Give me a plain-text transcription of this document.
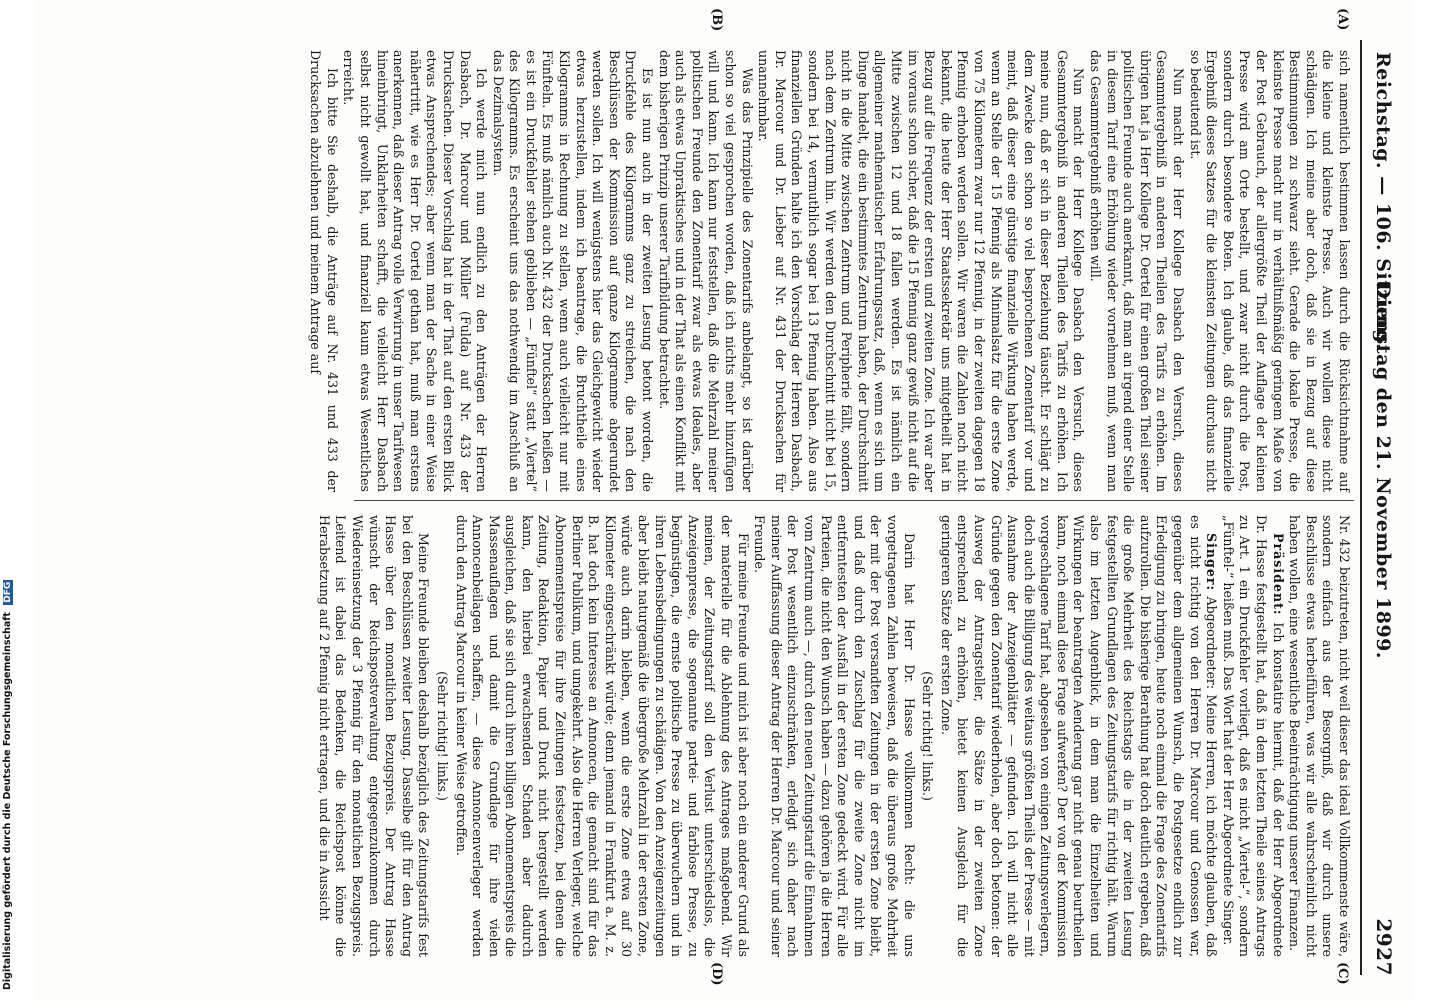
Reichstag. — 106. Sitzung.
Dienstag den 21. November 1899.
2927
(A)
(B)
(C)
(D)

sich namentlich bestimmen lassen durch die Rücksichtnahme auf die kleine und kleinste Presse. Auch wir wollen diese nicht schädigen. Ich meine aber doch, daß sie in Bezug auf diese Bestimmungen zu schwarz sieht. Gerade die lokale Presse, die kleinste Presse macht nur in verhältnißmäßig geringem Maße von der Post Gebrauch, der allergrößte Theil der Auflage der kleinen Presse wird am Orte bestellt, und zwar nicht durch die Post, sondern durch besondere Boten. Ich glaube, daß das finanzielle Ergebniß dieses Satzes für die kleinsten Zeitungen durchaus nicht so bedeutend ist.

Nun macht der Herr Kollege Dasbach den Versuch, dieses Gesammtergebniß in anderen Theilen des Tarifs zu erhöhen. Im übrigen hat ja Herr Kollege Dr. Oertel für einen großen Theil seiner politischen Freunde auch anerkannt, daß man an irgend einer Stelle in diesem Tarif eine Erhöhung wieder vornehmen muß, wenn man das Gesammtergebniß erhöhen will.

Nun macht der Herr Kollege Dasbach den Versuch, dieses Gesammtergebniß in anderen Theilen des Tarifs zu erhöhen. Ich meine nun, daß er sich in dieser Beziehung täuscht. Er schlägt zu dem Zwecke den schon so viel besprochenen Zonentarif vor und meint, daß dieser eine günstige finanzielle Wirkung haben werde, wenn an Stelle der 15 Pfennig als Minimalsatz für die erste Zone von 75 Kilometern zwar nur 12 Pfennig, in der zweiten dagegen 18 Pfennig erhoben werden sollen. Wir waren die Zahlen noch nicht bekannt, die heute der Herr Staatssekretär uns mitgetheilt hat in Bezug auf die Frequenz der ersten und zweiten Zone. Ich war aber im voraus schon sicher, daß die 15 Pfennig ganz gewiß nicht auf die Mitte zwischen 12 und 18 fallen werden. Es ist nämlich ein allgemeiner mathematischer Erfahrungssatz, daß, wenn es sich um Dinge handelt, die ein bestimmtes Zentrum haben, der Durchschnitt nicht in die Mitte zwischen Zentrum und Peripherie fällt, sondern nach dem Zentrum hin. Wir werden den Durchschnitt nicht bei 15, sondern bei 14, vermuthlich sogar bei 13 Pfennig haben. Also aus finanziellen Gründen halte ich den Vorschlag der Herren Dasbach, Dr. Marcour und Dr. Lieber auf Nr. 431 der Drucksachen für unannehmbar.

Was das Prinzipielle des Zonentarifs anbelangt, so ist darüber schon so viel gesprochen worden, daß ich nichts mehr hinzufügen will und kann. Ich kann nur feststellen, daß die Mehrzahl meiner politischen Freunde den Zonentarif zwar als etwas Ideales, aber auch als etwas Unpraktisches und in der That als einen Konflikt mit dem bisherigen Prinzip unserer Tarifbildung betrachtet.

Es ist nun auch in der zweiten Lesung betont worden, die Druckfehle des Kilogramms ganz zu streichen, die nach den Beschlüssen der Kommission auf ganze Kilogramme abgerundet werden sollen. Ich will wenigstens hier das Gleichgewicht wieder etwas herzustellen, indem ich beantrage, die Bruchtheile eines Kilogramms in Rechnung zu stellen, wenn auch vielleicht nur mit Fünfteln. Es muß nämlich auch Nr. 432 der Drucksachen heißen — es ist ein Druckfehler stehen geblieben — „Fünftel“ statt „Viertel“ des Kilogramms. Es erscheint uns das nothwendig im Anschluß an das Dezimalsystem.

Ich werde mich nun endlich zu den Anträgen der Herren Dasbach, Dr. Marcour und Müller (Fulda) auf Nr. 433 der Drucksachen. Dieser Vorschlag hat in der That auf den ersten Blick etwas Ansprechendes; aber wenn man der Sache in einer Weise nähertritt, wie es Herr Dr. Oertel gethan hat, muß man erstens anerkennen, daß dieser Antrag volle Verwirrung in unser Tarifwesen hineinbringt, Unklarheiten schafft, die vielleicht Herr Dasbach selbst nicht gewollt hat, und finanziell kaum etwas Wesentliches erreicht.

Ich bitte Sie deshalb, die Anträge auf Nr. 431 und 433 der Drucksachen abzulehnen und meinem Antrage auf

Nr. 432 beizutreten, nicht weil dieser das ideal Vollkommenste wäre, sondern einfach aus der Besorgniß, daß wir durch unsere Beschlüsse etwas herbeiführen, was wir alle wahrscheinlich nicht haben wollen, eine wesentliche Beeinträchtigung unserer Finanzen.

Präsident: Ich konstatire hiermit, daß der Herr Abgeordnete Dr. Hasse festgestellt hat, daß in dem letzten Theile seines Antrags zu Art. 1 ein Druckfehler vorliegt, daß es nicht „Viertel-“, sondern „Fünftel-“ heißen muß. Das Wort hat der Herr Abgeordnete Singer.

Singer: Abgeordneter: Meine Herren, ich möchte glauben, daß es nicht richtig von den Herren Dr. Marcour und Genossen war, gegenüber dem allgemeinen Wunsch, die Postgesetze endlich zur Erledigung zu bringen, heute noch einmal die Frage des Zonentarifs aufzurollen. Die bisherige Berathung hat doch deutlich ergeben, daß die große Mehrheit des Reichstags die in der zweiten Lesung festgestellten Grundlagen des Zeitungstarifs für richtig hält. Warum also im letzten Augenblick, in dem man die Einzelheiten und Wirkungen der beantragten Aenderung gar nicht genau beurtheilen kann, noch einmal diese Frage aufwerfen? Der von der Kommission vorgeschlagene Tarif hat, abgesehen von einigen Zeitungsverlegern, doch auch die Billigung des weitaus größten Theils der Presse — mit Ausnahme der Anzeigenblätter — gefunden. Ich will nicht alle Gründe gegen den Zonentarif wiederholen, aber doch betonen: der Ausweg der Antragsteller, die Sätze in der zweiten Zone entsprechend zu erhöhen, bietet keinen Ausgleich für die geringeren Sätze der ersten Zone.

(Sehr richtig! links.)

Darin hat Herr Dr. Hasse vollkommen Recht: die uns vorgetragenen Zahlen beweisen, daß die überaus große Mehrheit der mit der Post versandten Zeitungen in der ersten Zone bleibt, und daß durch den Zuschlag für die zweite Zone nicht im entferntesten der Ausfall in der ersten Zone gedeckt wird. Für alle Parteien, die nicht den Wunsch haben — dazu gehören ja die Herren vom Zentrum auch —, durch den neuen Zeitungstarif die Einnahmen der Post wesentlich einzuschränken, erledigt sich daher nach meiner Auffassung dieser Antrag der Herren Dr. Marcour und seiner Freunde.

Für meine Freunde und mich ist aber noch ein anderer Grund als der materielle für die Ablehnung des Antrages maßgebend. Wir meinen, der Zeitungstarif soll den Verlust unterschiedslos, die Anzeigenpresse, die sogenannte partei- und farblose Presse, zu begünstigen, die ernste politische Presse zu überwuchern und in ihren Lebensbedingungen zu schädigen. Von den Anzeigenzeitungen aber bleibt naturgemäß die übergroße Mehrzahl in der ersten Zone, würde auch darin bleiben, wenn die erste Zone etwa auf 30 Kilometer eingeschränkt würde; denn jemand in Frankfurt a. M. z. B. hat doch kein Interesse an Annoncen, die gemacht sind für das Berliner Publikum, und umgekehrt. Also die Herren Verleger, welche Abonnementspreise für ihre Zeitungen festsetzen, bei denen die Zeitung, Redaktion, Papier und Druck nicht hergestellt werden kann, den hierbei erwachsenden Schaden aber dadurch ausgleichen, daß sie sich durch ihren billigen Abonnementspreis die Massenauflagen und damit die Grundlage für ihre vielen Annoncenbeilagen schaffen, — diese Annoncenverleger werden durch den Antrag Marcour in keiner Weise getroffen.

(Sehr richtig! links.)

Meine Freunde bleiben deshalb bezüglich des Zeitungstarifs fest bei den Beschlüssen zweiter Lesung. Dasselbe gilt für den Antrag Hasse über den monatlichen Bezugspreis. Der Antrag Hasse wünscht der Reichspostverwaltung entgegenzukommen durch Wiedereinsetzung der 3 Pfennig für den monatlichen Bezugspreis. Leitend ist dabei das Bedenken, die Reichspost könne die Herabsetzung auf 2 Pfennig nicht ertragen, und die in Aussicht

Digitalisierung gefördert durch die Deutsche Forschungsgemeinschaft DFG
